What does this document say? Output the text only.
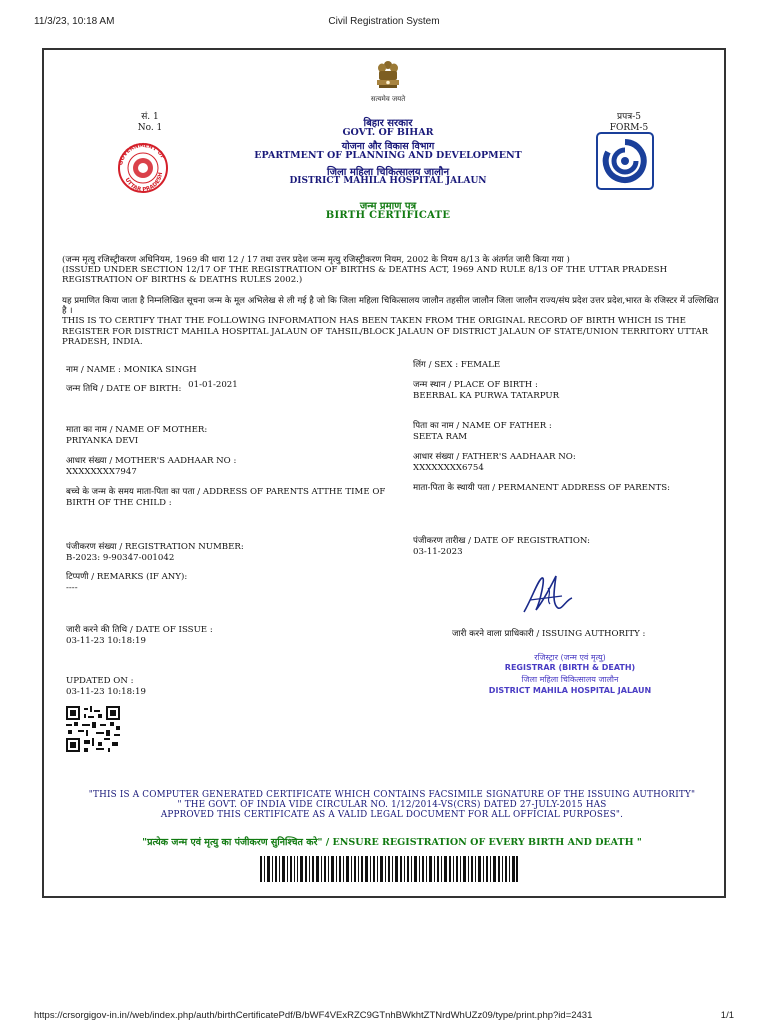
11/3/23, 10:18 AM	Civil Registration System
सत्यमेव जयते
सं. 1
No. 1
प्रपत्र-5
FORM-5
GOVERNMENT OF
UTTAR PRADESH
बिहार सरकार
GOVT. OF BIHAR
योजना और विकास विभाग
EPARTMENT OF PLANNING AND DEVELOPMENT
जिला महिला चिकित्सालय जालौन
DISTRICT MAHILA HOSPITAL JALAUN
जन्म प्रमाण पत्र
BIRTH CERTIFICATE
(जन्म मृत्यु रजिस्ट्रीकरण अधिनियम, 1969 की धारा 12 / 17 तथा उत्तर प्रदेश जन्म मृत्यु रजिस्ट्रीकरण नियम, 2002 के नियम 8/13 के अंतर्गत जारी किया गया )
(ISSUED UNDER SECTION 12/17 OF THE REGISTRATION OF BIRTHS & DEATHS ACT, 1969 AND RULE 8/13 OF THE UTTAR PRADESH REGISTRATION OF BIRTHS & DEATHS RULES 2002.)
यह प्रमाणित किया जाता है निम्नलिखित सूचना जन्म के मूल अभिलेख से ली गई है जो कि जिला महिला चिकित्सालय जालौन तहसील जालौन जिला जालौन राज्य/संघ प्रदेश उत्तर प्रदेश,भारत के रजिस्टर में उल्लिखित है ।
THIS IS TO CERTIFY THAT THE FOLLOWING INFORMATION HAS BEEN TAKEN FROM THE ORIGINAL RECORD OF BIRTH WHICH IS THE REGISTER FOR DISTRICT MAHILA HOSPITAL JALAUN OF TAHSIL/BLOCK JALAUN OF DISTRICT JALAUN OF STATE/UNION TERRITORY UTTAR PRADESH, INDIA.
नाम / NAME : MONIKA SINGH
जन्म तिथि / DATE OF BIRTH: 01-01-2021
माता का नाम / NAME OF MOTHER:
PRIYANKA DEVI
आधार संख्या / MOTHER'S AADHAAR NO :
XXXXXXXX7947
बच्चे के जन्म के समय माता-पिता का पता / ADDRESS OF PARENTS ATTHE TIME OF BIRTH OF THE CHILD :
पंजीकरण संख्या / REGISTRATION NUMBER:
B-2023: 9-90347-001042
टिप्पणी / REMARKS (IF ANY):
----
जारी करने की तिथि / DATE OF ISSUE :
03-11-23 10:18:19
UPDATED ON :
03-11-23 10:18:19
लिंग / SEX : FEMALE
जन्म स्थान / PLACE OF BIRTH :
BEERBAL KA PURWA TATARPUR
पिता का नाम / NAME OF FATHER :
SEETA RAM
आधार संख्या / FATHER'S AADHAAR NO:
XXXXXXXX6754
माता-पिता के स्थायी पता / PERMANENT ADDRESS OF PARENTS:
पंजीकरण तारीख / DATE OF REGISTRATION:
03-11-2023
जारी करने वाला प्राधिकारी / ISSUING AUTHORITY :
रजिस्ट्रार (जन्म एवं मृत्यु)
REGISTRAR (BIRTH & DEATH)
जिला महिला चिकित्सालय जालौन
DISTRICT MAHILA HOSPITAL JALAUN
"THIS IS A COMPUTER GENERATED CERTIFICATE WHICH CONTAINS FACSIMILE SIGNATURE OF THE ISSUING AUTHORITY"
" THE GOVT. OF INDIA VIDE CIRCULAR NO. 1/12/2014-VS(CRS) DATED 27-JULY-2015 HAS
APPROVED THIS CERTIFICATE AS A VALID LEGAL DOCUMENT FOR ALL OFFICIAL PURPOSES".
"प्रत्येक जन्म एवं मृत्यु का पंजीकरण सुनिश्चित करे" / ENSURE REGISTRATION OF EVERY BIRTH AND DEATH "
https://crsorgigov-in.in//web/index.php/auth/birthCertificatePdf/B/bWF4VExRZC9GTnhBWkhtZTNrdWhUZz09/type/print.php?id=2431	1/1
